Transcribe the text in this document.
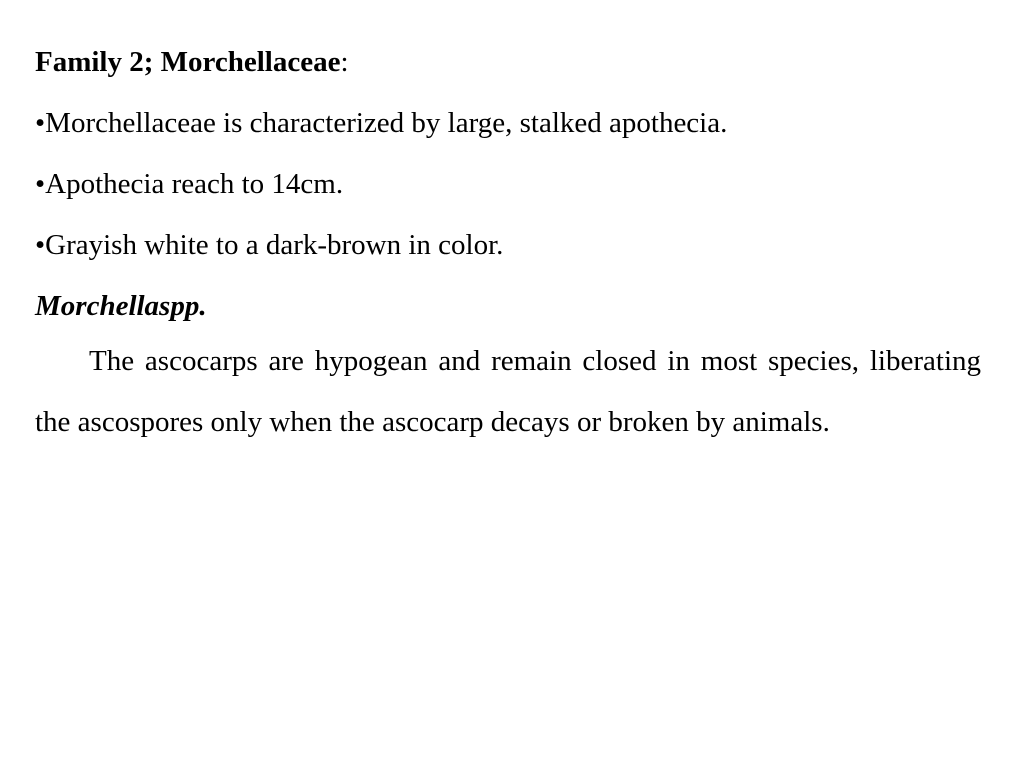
Family 2; Morchellaceae:
•Morchellaceae is characterized by large, stalked apothecia.
•Apothecia reach to 14cm.
•Grayish white to a dark-brown in color.
Morchellaspp.

The ascocarps are hypogean and remain closed in most species, liberating the ascospores only when the ascocarp decays or broken by animals.
